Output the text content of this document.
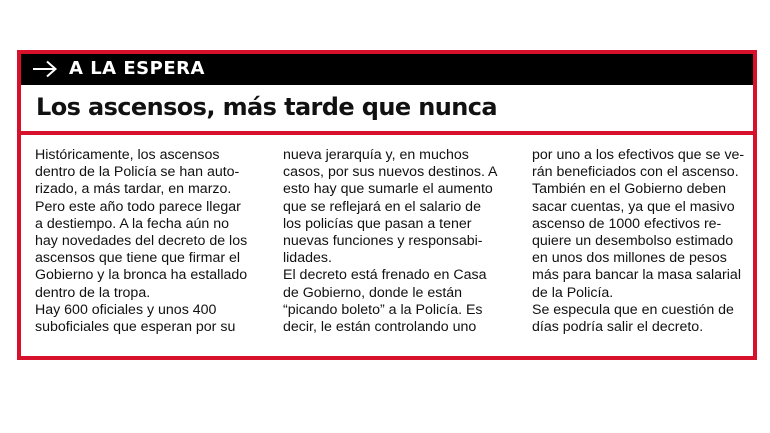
A LA ESPERA
Los ascensos, más tarde que nunca

Históricamente, los ascensos

dentro de la Policía se han auto-

rizado, a más tardar, en marzo.

Pero este año todo parece llegar

a destiempo. A la fecha aún no

hay novedades del decreto de los

ascensos que tiene que firmar el

Gobierno y la bronca ha estallado

dentro de la tropa.

Hay 600 oficiales y unos 400

suboficiales que esperan por su

nueva jerarquía y, en muchos

casos, por sus nuevos destinos. A

esto hay que sumarle el aumento

que se reflejará en el salario de

los policías que pasan a tener

nuevas funciones y responsabi-

lidades.

El decreto está frenado en Casa

de Gobierno, donde le están

“picando boleto” a la Policía. Es

decir, le están controlando uno

por uno a los efectivos que se ve-

rán beneficiados con el ascenso.

También en el Gobierno deben

sacar cuentas, ya que el masivo

ascenso de 1000 efectivos re-

quiere un desembolso estimado

en unos dos millones de pesos

más para bancar la masa salarial

de la Policía.

Se especula que en cuestión de

días podría salir el decreto.
